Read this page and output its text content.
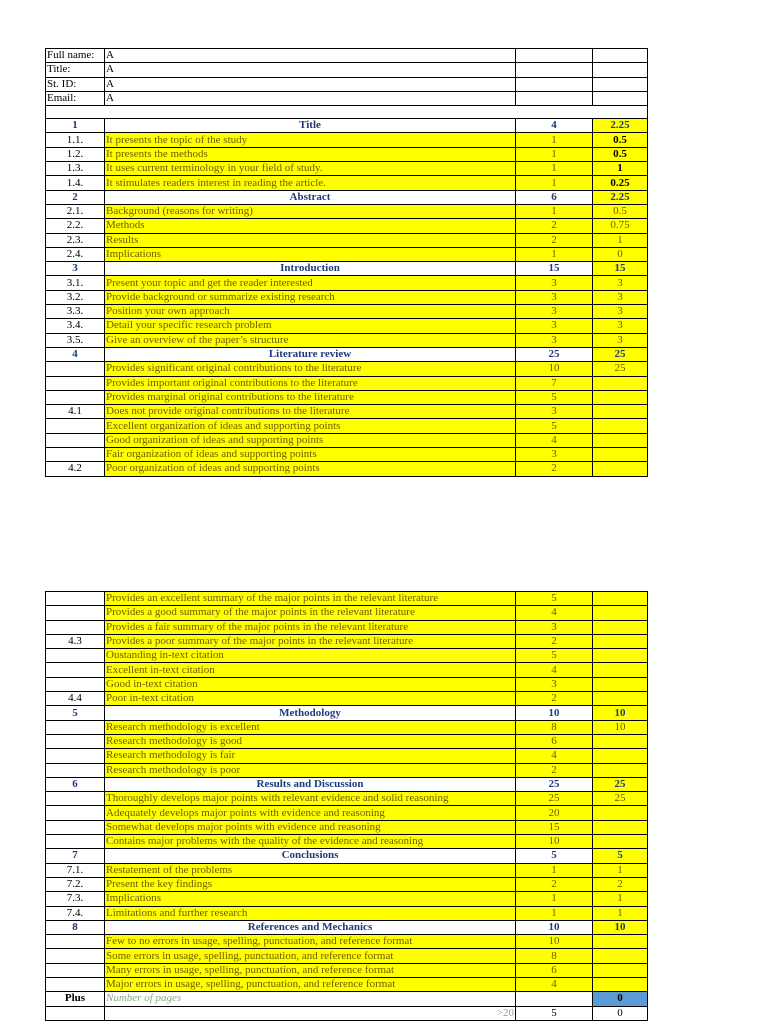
Full name:	A		
Title:	A		
St. ID:	A		
Email:	A		

1	Title	4	2.25
1.1.	It presents the topic of the study	1	0.5
1.2.	It presents the methods	1	0.5
1.3.	It uses current terminology in your field of study.	1	1
1.4.	It stimulates readers interest in reading the article.	1	0.25
2	Abstract	6	2.25
2.1.	Background (reasons for writing)	1	0.5
2.2.	Methods	2	0.75
2.3.	Results	2	1
2.4.	Implications	1	0
3	Introduction	15	15
3.1.	Present your topic and get the reader interested	3	3
3.2.	Provide background or summarize existing research	3	3
3.3.	Position your own approach	3	3
3.4.	Detail your specific research problem	3	3
3.5.	Give an overview of the paper’s structure	3	3
4	Literature review	25	25
	Provides significant original contributions to the literature	10	25
	Provides important original contributions to the literature	7	
	Provides marginal original contributions to the literature	5	
4.1	Does not provide original contributions to the literature	3	
	Excellent organization of ideas and supporting points	5	
	Good organization of ideas and supporting points	4	
	Fair organization of ideas and supporting points	3	
4.2	Poor organization of ideas and supporting points	2	
	Provides an excellent summary of the major points in the relevant literature	5	
	Provides a good summary of the major points in the relevant literature	4	
	Provides a fair summary of the major points in the relevant literature	3	
4.3	Provides a poor summary of the major points in the relevant literature	2	
	Oustanding in-text citation	5	
	Excellent in-text citation	4	
	Good in-text citation	3	
4.4	Poor in-text citation	2	
5	Methodology	10	10
	Research methodology is excellent	8	10
	Research methodology is good	6	
	Research methodology is fair	4	
	Research methodology is poor	2	
6	Results and Discussion	25	25
	Thoroughly develops major points with relevant evidence and solid reasoning	25	25
	Adequately develops major points with evidence and reasoning	20	
	Somewhat develops major points with evidence and reasoning	15	
	Contains major problems with the quality of the evidence and reasoning	10	
7	Conclusions	5	5
7.1.	Restatement of the problems	1	1
7.2.	Present the key findings	2	2
7.3.	Implications	1	1
7.4.	Limitations and further research	1	1
8	References and Mechanics	10	10
	Few to no errors in usage, spelling, punctuation, and reference format	10	
	Some errors in usage, spelling, punctuation, and reference format	8	
	Many errors in usage, spelling, punctuation, and reference format	6	
	Major errors in usage, spelling, punctuation, and reference format	4	
Plus	Number of pages		0
	>20	5	0
